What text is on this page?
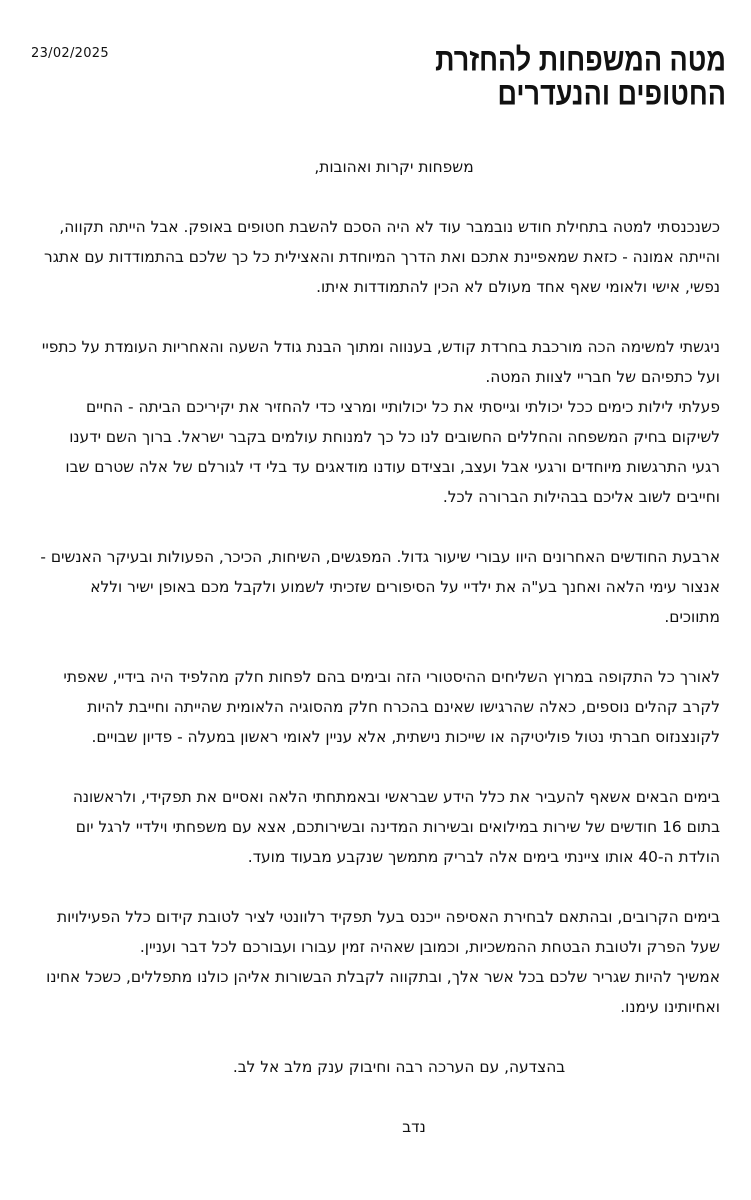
23/02/2025	מטה המשפחות להחזרת
החטופים והנעדרים

משפחות יקרות ואהובות,

כשנכנסתי למטה בתחילת חודש נובמבר עוד לא היה הסכם להשבת חטופים באופק. אבל הייתה תקווה, והייתה אמונה - כזאת שמאפיינת אתכם ואת הדרך המיוחדת והאצילית כל כך שלכם בהתמודדות עם אתגר נפשי, אישי ולאומי שאף אחד מעולם לא הכין להתמודדות איתו.

ניגשתי למשימה הכה מורכבת בחרדת קודש, בענווה ומתוך הבנת גודל השעה והאחריות העומדת על כתפיי ועל כתפיהם של חבריי לצוות המטה.

פעלתי לילות כימים ככל יכולתי וגייסתי את כל יכולותיי ומרצי כדי להחזיר את יקיריכם הביתה - החיים לשיקום בחיק המשפחה והחללים החשובים לנו כל כך למנוחת עולמים בקבר ישראל. ברוך השם ידענו רגעי התרגשות מיוחדים ורגעי אבל ועצב, ובצידם עודנו מודאגים עד בלי די לגורלם של אלה שטרם שבו וחייבים לשוב אליכם בבהילות הברורה לכל.

ארבעת החודשים האחרונים היוו עבורי שיעור גדול. המפגשים, השיחות, הכיכר, הפעולות ובעיקר האנשים - אנצור עימי הלאה ואחנך בע"ה את ילדיי על הסיפורים שזכיתי לשמוע ולקבל מכם באופן ישיר וללא מתווכים.

לאורך כל התקופה במרוץ השליחים ההיסטורי הזה ובימים בהם לפחות חלק מהלפיד היה בידיי, שאפתי לקרב קהלים נוספים, כאלה שהרגישו שאינם בהכרח חלק מהסוגיה הלאומית שהייתה וחייבת להיות לקונצנזוס חברתי נטול פוליטיקה או שייכות נישתית, אלא עניין לאומי ראשון במעלה - פדיון שבויים.

בימים הבאים אשאף להעביר את כלל הידע שבראשי ובאמתחתי הלאה ואסיים את תפקידי, ולראשונה בתום 16 חודשים של שירות במילואים ובשירות המדינה ובשירותכם, אצא עם משפחתי וילדיי לרגל יום הולדת ה-40 אותו ציינתי בימים אלה לבריק מתמשך שנקבע מבעוד מועד.

בימים הקרובים, ובהתאם לבחירת האסיפה ייכנס בעל תפקיד רלוונטי לציר לטובת קידום כלל הפעילויות שעל הפרק ולטובת הבטחת ההמשכיות, וכמובן שאהיה זמין עבורו ועבורכם לכל דבר ועניין.

אמשיך להיות שגריר שלכם בכל אשר אלך, ובתקווה לקבלת הבשורות אליהן כולנו מתפללים, כשכל אחינו ואחיותינו עימנו.

בהצדעה, עם הערכה רבה וחיבוק ענק מלב אל לב.

נדב
